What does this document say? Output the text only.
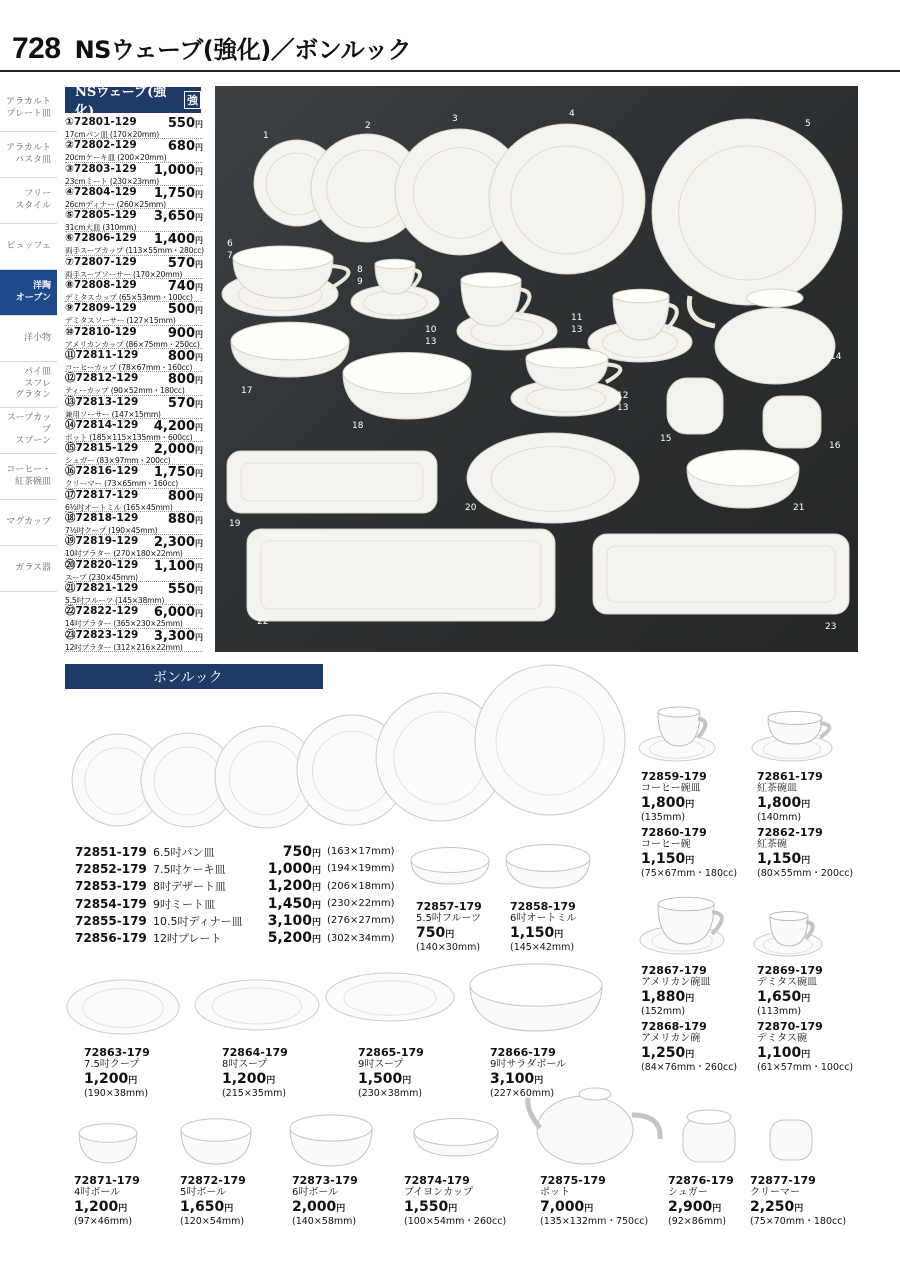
728 NSウェーブ(強化)／ボンルック
アラカルト
プレート皿
アラカルト
パスタ皿
フリー
スタイル
ビュッフェ
洋陶
オーブン
洋小物
パイ皿
スフレ
グラタン
スープカップ
スプーン
コーヒー・
紅茶碗皿
マグカップ
ガラス器
NSウェーブ(強化)
強
①72801-129 550円
17cmパン皿 (170×20mm)
②72802-129 680円
20cmケーキ皿 (200×20mm)
③72803-129 1,000円
23cmミート (230×23mm)
④72804-129 1,750円
26cmディナー (260×25mm)
⑤72805-129 3,650円
31cm大皿 (310mm)
⑥72806-129 1,400円
両手スープカップ (113×55mm・280cc)
⑦72807-129 570円
両手スープソーサー (170×20mm)
⑧72808-129 740円
デミタスカップ (65×53mm・100cc)
⑨72809-129 500円
デミタスソーサー (127×15mm)
⑩72810-129 900円
アメリカンカップ (86×75mm・250cc)
⑪72811-129 800円
コーヒーカップ (78×67mm・160cc)
⑫72812-129 800円
ティーカップ (90×52mm・180cc)
⑬72813-129 570円
兼用ソーサー (147×15mm)
⑭72814-129 4,200円
ポット (185×115×135mm・600cc)
⑮72815-129 2,000円
シュガー (83×97mm・200cc)
⑯72816-129 1,750円
クリーマー (73×65mm・160cc)
⑰72817-129 800円
6½吋オートミル (165×45mm)
⑱72818-129 880円
7½吋クープ (190×45mm)
⑲72819-129 2,300円
10吋プラター (270×180×22mm)
⑳72820-129 1,100円
スープ (230×45mm)
㉑72821-129 550円
5.5吋フルーツ (145×38mm)
㉒72822-129 6,000円
14吋プラター (365×230×25mm)
㉓72823-129 3,300円
12吋プラター (312×216×22mm)
1
2
3	4
5
6
7
8
9
10
13
11
13
14
17
18
12
13
15
16
19
20	21
22	23
ボンルック
72851-179 6.5吋パン皿	750円 (163×17mm)
72852-179 7.5吋ケーキ皿	1,000円 (194×19mm)
72853-179 8吋デザート皿	1,200円 (206×18mm)
72854-179 9吋ミート皿	1,450円 (230×22mm)
72855-179 10.5吋ディナー皿	3,100円 (276×27mm)
72856-179 12吋プレート	5,200円 (302×34mm)
72857-179
5.5吋フルーツ
750円
(140×30mm)
72858-179
6吋オートミル
1,150円
(145×42mm)
72859-179
コーヒー碗皿
1,800円
(135mm)
72861-179
紅茶碗皿
1,800円
(140mm)
72860-179
コーヒー碗
1,150円
(75×67mm・180cc)
72862-179
紅茶碗
1,150円
(80×55mm・200cc)
72867-179
アメリカン碗皿
1,880円
(152mm)
72869-179
デミタス碗皿
1,650円
(113mm)
72868-179
アメリカン碗
1,250円
(84×76mm・260cc)
72870-179
デミタス碗
1,100円
(61×57mm・100cc)
72863-179
7.5吋クープ
1,200円
(190×38mm)
72864-179
8吋スープ
1,200円
(215×35mm)
72865-179
9吋スープ
1,500円
(230×38mm)
72866-179
9吋サラダボール
3,100円
(227×60mm)
72871-179
4吋ボール
1,200円
(97×46mm)
72872-179
5吋ボール
1,650円
(120×54mm)
72873-179
6吋ボール
2,000円
(140×58mm)
72874-179
ブイヨンカップ
1,550円
(100×54mm・260cc)
72875-179
ポット
7,000円
(135×132mm・750cc)
72876-179
シュガー
2,900円
(92×86mm)
72877-179
クリーマー
2,250円
(75×70mm・180cc)
